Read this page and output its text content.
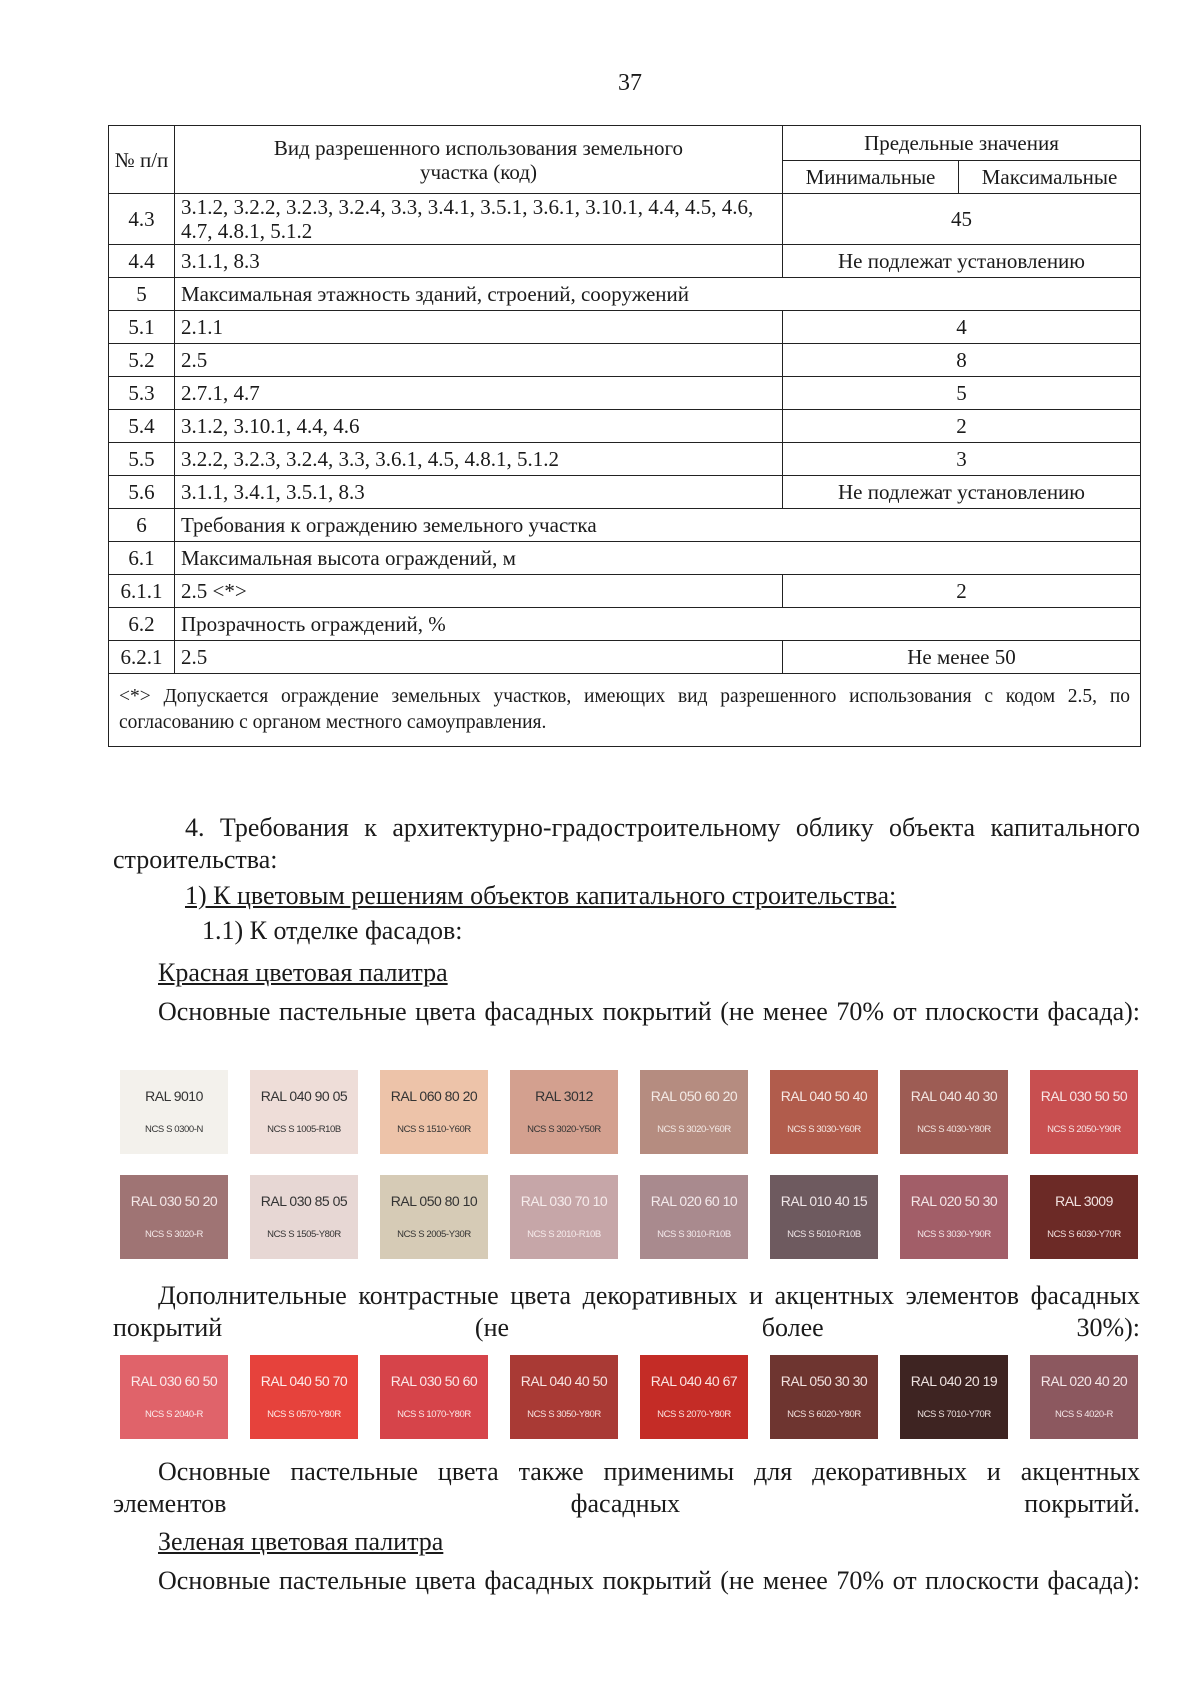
37
№ п/п	Вид разрешенного использования земельного участка (код)	Предельные значения	
		Минимальные	Максимальные
4.3	3.1.2, 3.2.2, 3.2.3, 3.2.4, 3.3, 3.4.1, 3.5.1, 3.6.1, 3.10.1, 4.4, 4.5, 4.6, 4.7, 4.8.1, 5.1.2	45	
4.4	3.1.1, 8.3	Не подлежат установлению	
5	Максимальная этажность зданий, строений, сооружений		
5.1	2.1.1	4	
5.2	2.5	8	
5.3	2.7.1, 4.7	5	
5.4	3.1.2, 3.10.1, 4.4, 4.6	2	
5.5	3.2.2, 3.2.3, 3.2.4, 3.3, 3.6.1, 4.5, 4.8.1, 5.1.2	3	
5.6	3.1.1, 3.4.1, 3.5.1, 8.3	Не подлежат установлению	
6	Требования к ограждению земельного участка		
6.1	Максимальная высота ограждений, м		
6.1.1	2.5 <*>	2	
6.2	Прозрачность ограждений, %		
6.2.1	2.5	Не менее 50	
<*> Допускается ограждение земельных участков, имеющих вид разрешенного использования с кодом 2.5, по согласованию с органом местного самоуправления.			
4. Требования к архитектурно-градостроительному облику объекта капитального строительства:
1) К цветовым решениям объектов капитального строительства:
1.1) К отделке фасадов:
Красная цветовая палитра
Основные пастельные цвета фасадных покрытий (не менее 70% от плоскости фасада):
RAL 9010
NCS S 0300-N
RAL 040 90 05
NCS S 1005-R10B
RAL 060 80 20
NCS S 1510-Y60R
RAL 3012
NCS S 3020-Y50R
RAL 050 60 20
NCS S 3020-Y60R
RAL 040 50 40
NCS S 3030-Y60R
RAL 040 40 30
NCS S 4030-Y80R
RAL 030 50 50
NCS S 2050-Y90R
RAL 030 50 20
NCS S 3020-R
RAL 030 85 05
NCS S 1505-Y80R
RAL 050 80 10
NCS S 2005-Y30R
RAL 030 70 10
NCS S 2010-R10B
RAL 020 60 10
NCS S 3010-R10B
RAL 010 40 15
NCS S 5010-R10B
RAL 020 50 30
NCS S 3030-Y90R
RAL 3009
NCS S 6030-Y70R
Дополнительные контрастные цвета декоративных и акцентных элементов фасадных покрытий (не более 30%):
RAL 030 60 50
NCS S 2040-R
RAL 040 50 70
NCS S 0570-Y80R
RAL 030 50 60
NCS S 1070-Y80R
RAL 040 40 50
NCS S 3050-Y80R
RAL 040 40 67
NCS S 2070-Y80R
RAL 050 30 30
NCS S 6020-Y80R
RAL 040 20 19
NCS S 7010-Y70R
RAL 020 40 20
NCS S 4020-R
Основные пастельные цвета также применимы для декоративных и акцентных элементов фасадных покрытий.
Зеленая цветовая палитра
Основные пастельные цвета фасадных покрытий (не менее 70% от плоскости фасада):
